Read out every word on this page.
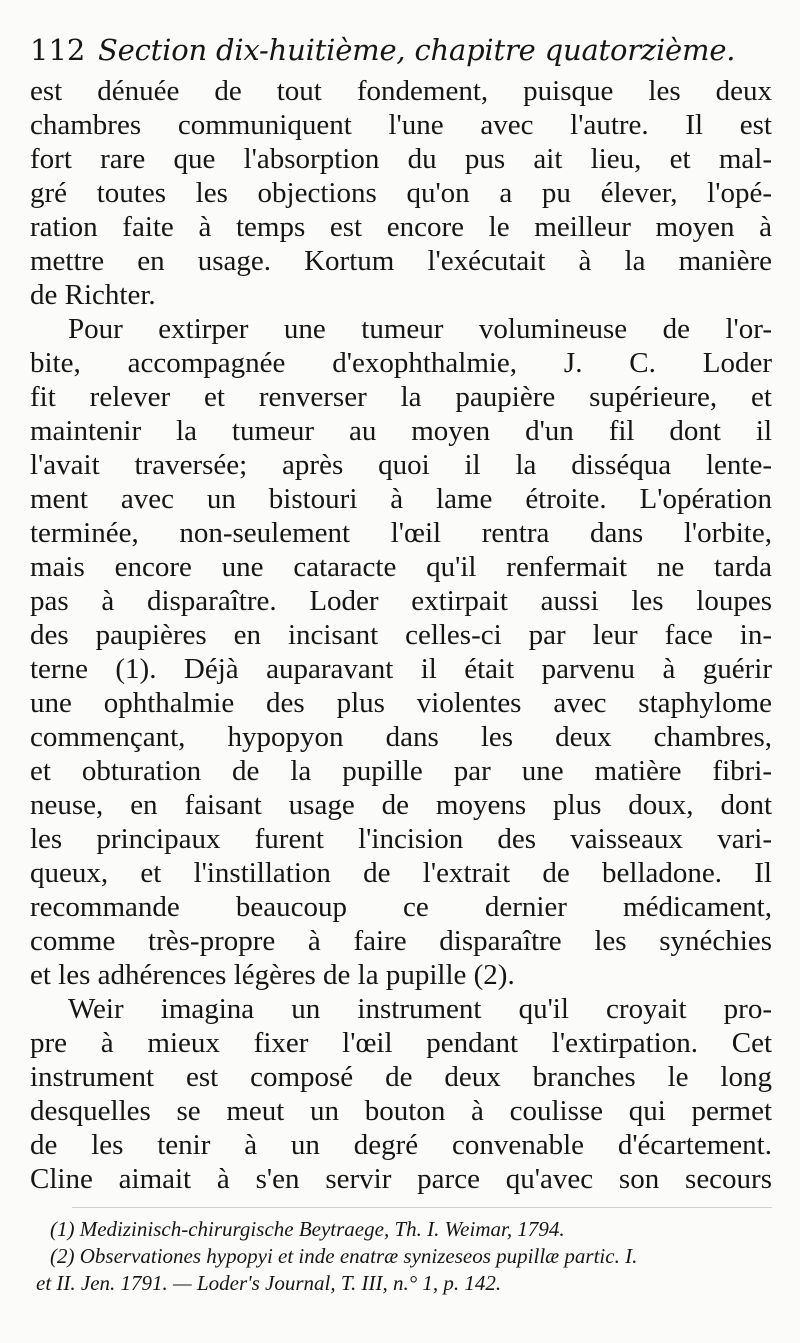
112 Section dix-huitième, chapitre quatorzième.
est dénuée de tout fondement, puisque les deux
chambres communiquent l'une avec l'autre. Il est
fort rare que l'absorption du pus ait lieu, et mal-
gré toutes les objections qu'on a pu élever, l'opé-
ration faite à temps est encore le meilleur moyen à
mettre en usage. Kortum l'exécutait à la manière
de Richter.
Pour extirper une tumeur volumineuse de l'or-
bite, accompagnée d'exophthalmie, J. C. Loder
fit relever et renverser la paupière supérieure, et
maintenir la tumeur au moyen d'un fil dont il
l'avait traversée; après quoi il la disséqua lente-
ment avec un bistouri à lame étroite. L'opération
terminée, non-seulement l'œil rentra dans l'orbite,
mais encore une cataracte qu'il renfermait ne tarda
pas à disparaître. Loder extirpait aussi les loupes
des paupières en incisant celles-ci par leur face in-
terne (1). Déjà auparavant il était parvenu à guérir
une ophthalmie des plus violentes avec staphylome
commençant, hypopyon dans les deux chambres,
et obturation de la pupille par une matière fibri-
neuse, en faisant usage de moyens plus doux, dont
les principaux furent l'incision des vaisseaux vari-
queux, et l'instillation de l'extrait de belladone. Il
recommande beaucoup ce dernier médicament,
comme très-propre à faire disparaître les synéchies
et les adhérences légères de la pupille (2).
Weir imagina un instrument qu'il croyait pro-
pre à mieux fixer l'œil pendant l'extirpation. Cet
instrument est composé de deux branches le long
desquelles se meut un bouton à coulisse qui permet
de les tenir à un degré convenable d'écartement.
Cline aimait à s'en servir parce qu'avec son secours
(1) Medizinisch-chirurgische Beytraege, Th. I. Weimar, 1794.
(2) Observationes hypopyi et inde enatræ synizeseos pupillæ partic. I.
et II. Jen. 1791. — Loder's Journal, T. III, n.° 1, p. 142.
